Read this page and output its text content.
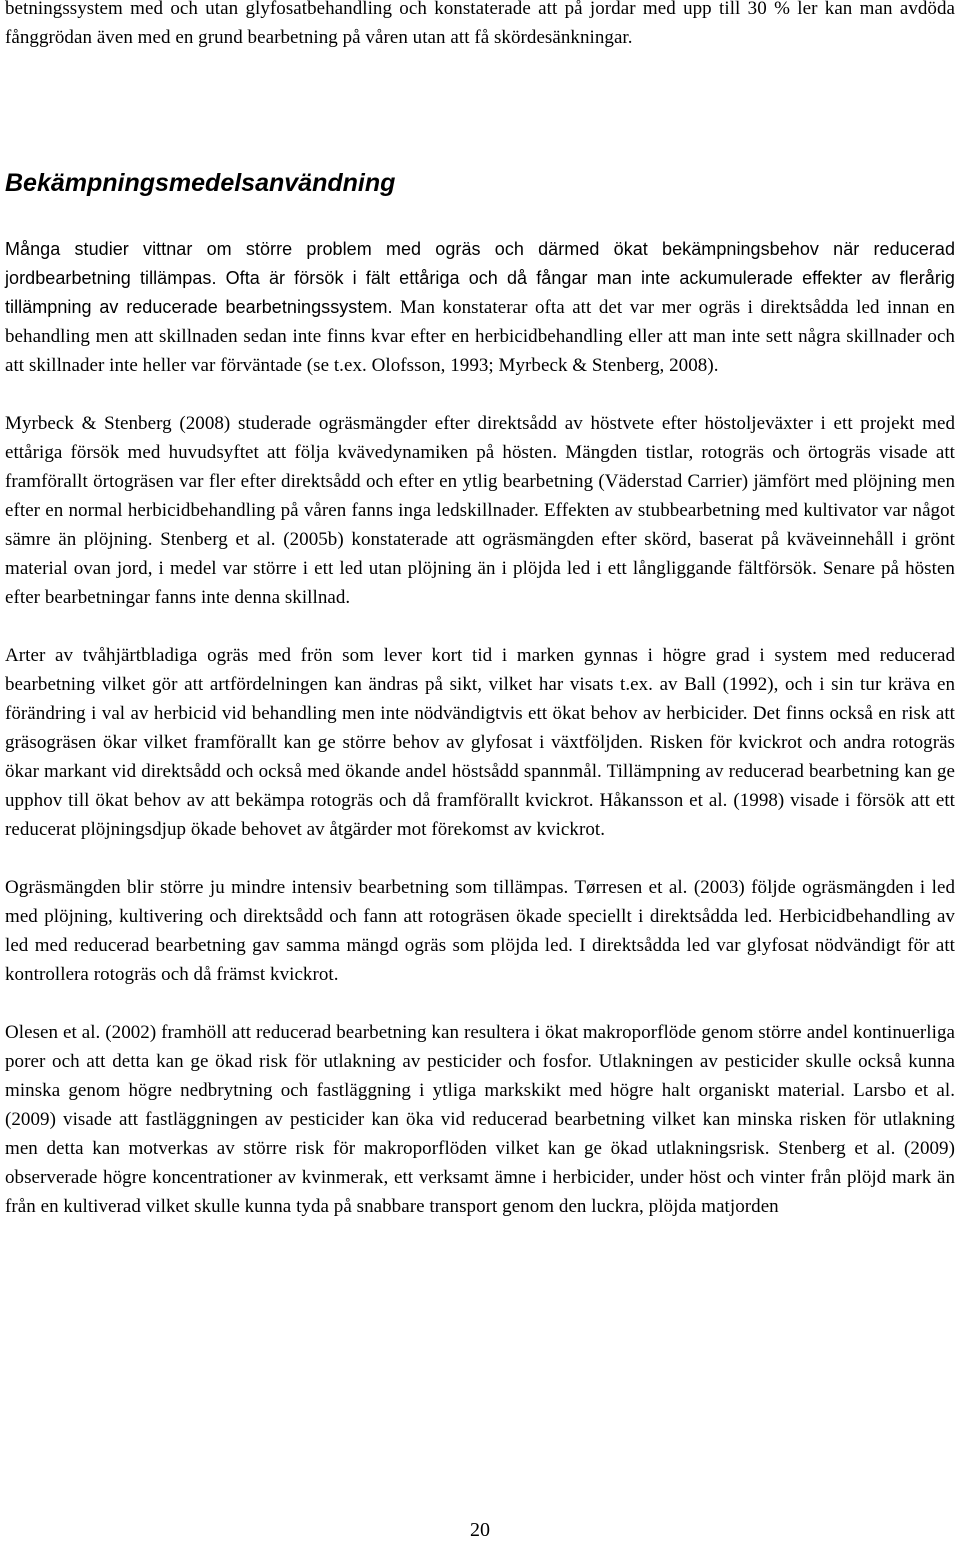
betningssystem med och utan glyfosatbehandling och konstaterade att på jordar med upp till 30 % ler kan man avdöda fånggrödan även med en grund bearbetning på våren utan att få skördesänkningar.

Bekämpningsmedelsanvändning

Många studier vittnar om större problem med ogräs och därmed ökat bekämpningsbehov när reducerad jordbearbetning tillämpas. Ofta är försök i fält ettåriga och då fångar man inte ackumulerade effekter av flerårig tillämpning av reducerade bearbetningssystem. Man konstaterar ofta att det var mer ogräs i direktsådda led innan en behandling men att skillnaden sedan inte finns kvar efter en herbicidbehandling eller att man inte sett några skillnader och att skillnader inte heller var förväntade (se t.ex. Olofsson, 1993; Myrbeck & Stenberg, 2008).

Myrbeck & Stenberg (2008) studerade ogräsmängder efter direktsådd av höstvete efter höstoljeväxter i ett projekt med ettåriga försök med huvudsyftet att följa kvävedynamiken på hösten. Mängden tistlar, rotogräs och örtogräs visade att framförallt örtogräsen var fler efter direktsådd och efter en ytlig bearbetning (Väderstad Carrier) jämfört med plöjning men efter en normal herbicidbehandling på våren fanns inga ledskillnader. Effekten av stubbearbetning med kultivator var något sämre än plöjning. Stenberg et al. (2005b) konstaterade att ogräsmängden efter skörd, baserat på kväveinnehåll i grönt material ovan jord, i medel var större i ett led utan plöjning än i plöjda led i ett långliggande fältförsök. Senare på hösten efter bearbetningar fanns inte denna skillnad.

Arter av tvåhjärtbladiga ogräs med frön som lever kort tid i marken gynnas i högre grad i system med reducerad bearbetning vilket gör att artfördelningen kan ändras på sikt, vilket har visats t.ex. av Ball (1992), och i sin tur kräva en förändring i val av herbicid vid behandling men inte nödvändigtvis ett ökat behov av herbicider. Det finns också en risk att gräsogräsen ökar vilket framförallt kan ge större behov av glyfosat i växtföljden. Risken för kvickrot och andra rotogräs ökar markant vid direktsådd och också med ökande andel höstsådd spannmål. Tillämpning av reducerad bearbetning kan ge upphov till ökat behov av att bekämpa rotogräs och då framförallt kvickrot. Håkansson et al. (1998) visade i försök att ett reducerat plöjningsdjup ökade behovet av åtgärder mot förekomst av kvickrot.

Ogräsmängden blir större ju mindre intensiv bearbetning som tillämpas. Tørresen et al. (2003) följde ogräsmängden i led med plöjning, kultivering och direktsådd och fann att rotogräsen ökade speciellt i direktsådda led. Herbicidbehandling av led med reducerad bearbetning gav samma mängd ogräs som plöjda led. I direktsådda led var glyfosat nödvändigt för att kontrollera rotogräs och då främst kvickrot.

Olesen et al. (2002) framhöll att reducerad bearbetning kan resultera i ökat makroporflöde genom större andel kontinuerliga porer och att detta kan ge ökad risk för utlakning av pesticider och fosfor. Utlakningen av pesticider skulle också kunna minska genom högre nedbrytning och fastläggning i ytliga markskikt med högre halt organiskt material. Larsbo et al. (2009) visade att fastläggningen av pesticider kan öka vid reducerad bearbetning vilket kan minska risken för utlakning men detta kan motverkas av större risk för makroporflöden vilket kan ge ökad utlakningsrisk. Stenberg et al. (2009) observerade högre koncentrationer av kvinmerak, ett verksamt ämne i herbicider, under höst och vinter från plöjd mark än från en kultiverad vilket skulle kunna tyda på snabbare transport genom den luckra, plöjda matjorden

20
